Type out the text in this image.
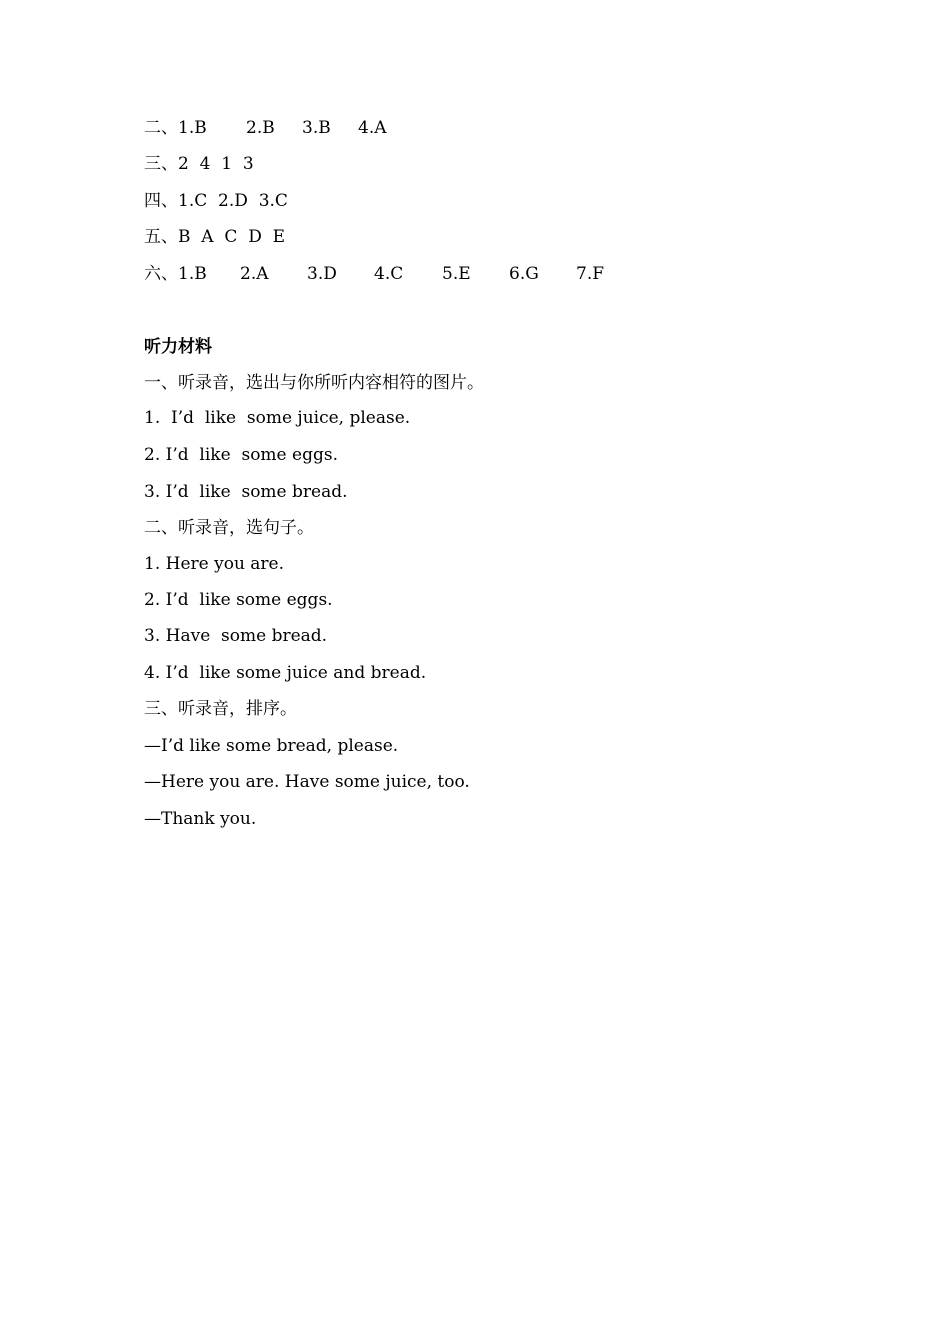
二、 1.B	2.B	3.B	4.A
三、 2  4  1  3
四、 1.C  2.D  3.C
五、 B  A  C  D  E
六、 1.B	2.A	3.D	4.C	5.E	6.G	7.F
听力材料
一、听录音，选出与你所听内容相符的图片。
1.  I’d  like  some juice, please.
2. I’d  like  some eggs.
3. I’d  like  some bread.
二、听录音，选句子。
1. Here you are.
2. I’d  like some eggs.
3. Have  some bread.
4. I’d  like some juice and bread.
三、听录音，排序。
—I’d like some bread, please.
—Here you are. Have some juice, too.
—Thank you.
